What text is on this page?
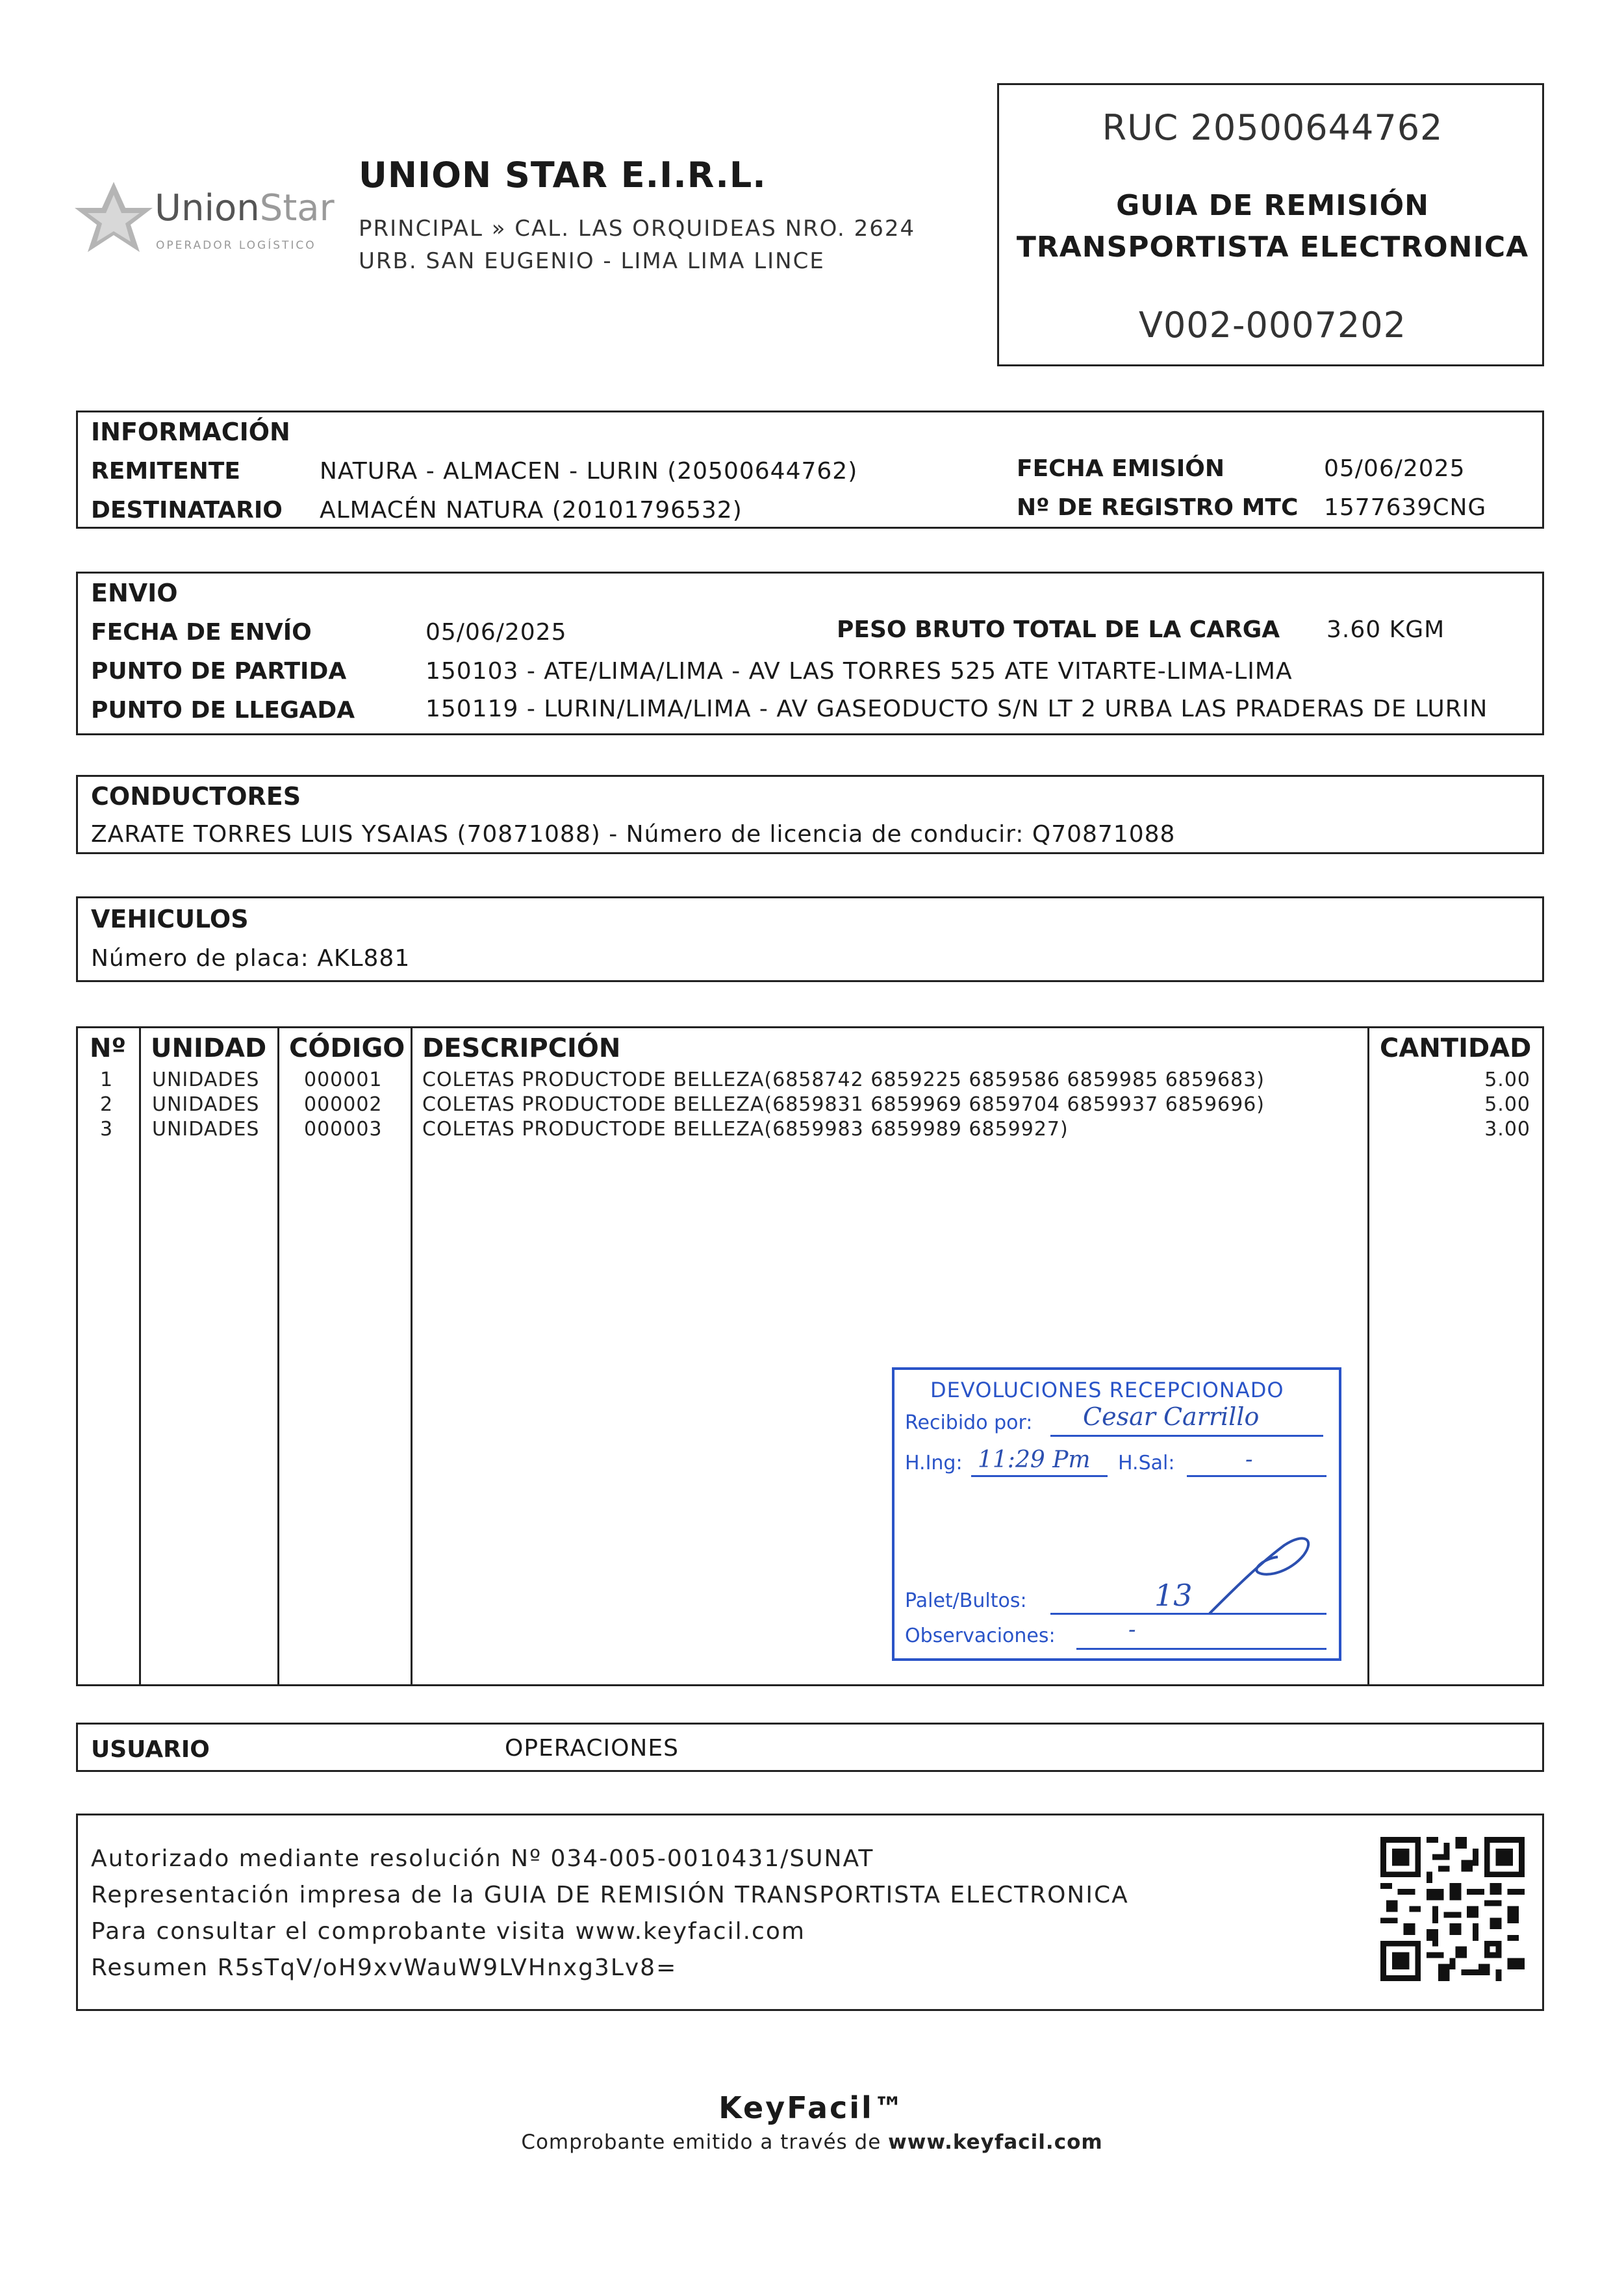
UnionStar
OPERADOR LOGÍSTICO
UNION STAR E.I.R.L.
PRINCIPAL » CAL. LAS ORQUIDEAS NRO. 2624
URB. SAN EUGENIO - LIMA LIMA LINCE
RUC 20500644762
GUIA DE REMISIÓN
TRANSPORTISTA ELECTRONICA
V002-0007202
INFORMACIÓN
REMITENTE	NATURA - ALMACEN - LURIN (20500644762)
DESTINATARIO ALMACÉN NATURA (20101796532)
FECHA EMISIÓN	05/06/2025
Nº DE REGISTRO MTC 1577639CNG
ENVIO
FECHA DE ENVÍO	05/06/2025	PESO BRUTO TOTAL DE LA CARGA 3.60 KGM
PUNTO DE PARTIDA	150103 - ATE/LIMA/LIMA - AV LAS TORRES 525 ATE VITARTE-LIMA-LIMA
PUNTO DE LLEGADA	150119 - LURIN/LIMA/LIMA - AV GASEODUCTO S/N LT 2 URBA LAS PRADERAS DE LURIN
CONDUCTORES
ZARATE TORRES LUIS YSAIAS (70871088) - Número de licencia de conducir: Q70871088
VEHICULOS
Número de placa: AKL881
Nº UNIDAD CÓDIGO DESCRIPCIÓN	CANTIDAD
1 UNIDADES 000001 COLETAS PRODUCTODE BELLEZA(6858742 6859225 6859586 6859985 6859683)	5.00
2 UNIDADES 000002 COLETAS PRODUCTODE BELLEZA(6859831 6859969 6859704 6859937 6859696)	5.00
3 UNIDADES 000003 COLETAS PRODUCTODE BELLEZA(6859983 6859989 6859927)	3.00
DEVOLUCIONES RECEPCIONADO
Recibido por: Cesar Carrillo
H.Ing: 11:29 Pm H.Sal:	-
Palet/Bultos:	13
Observaciones:	-
USUARIO	OPERACIONES
Autorizado mediante resolución Nº 034-005-0010431/SUNAT
Representación impresa de la GUIA DE REMISIÓN TRANSPORTISTA ELECTRONICA
Para consultar el comprobante visita www.keyfacil.com
Resumen R5sTqV/oH9xvWauW9LVHnxg3Lv8=
KeyFacil™
Comprobante emitido a través de www.keyfacil.com
